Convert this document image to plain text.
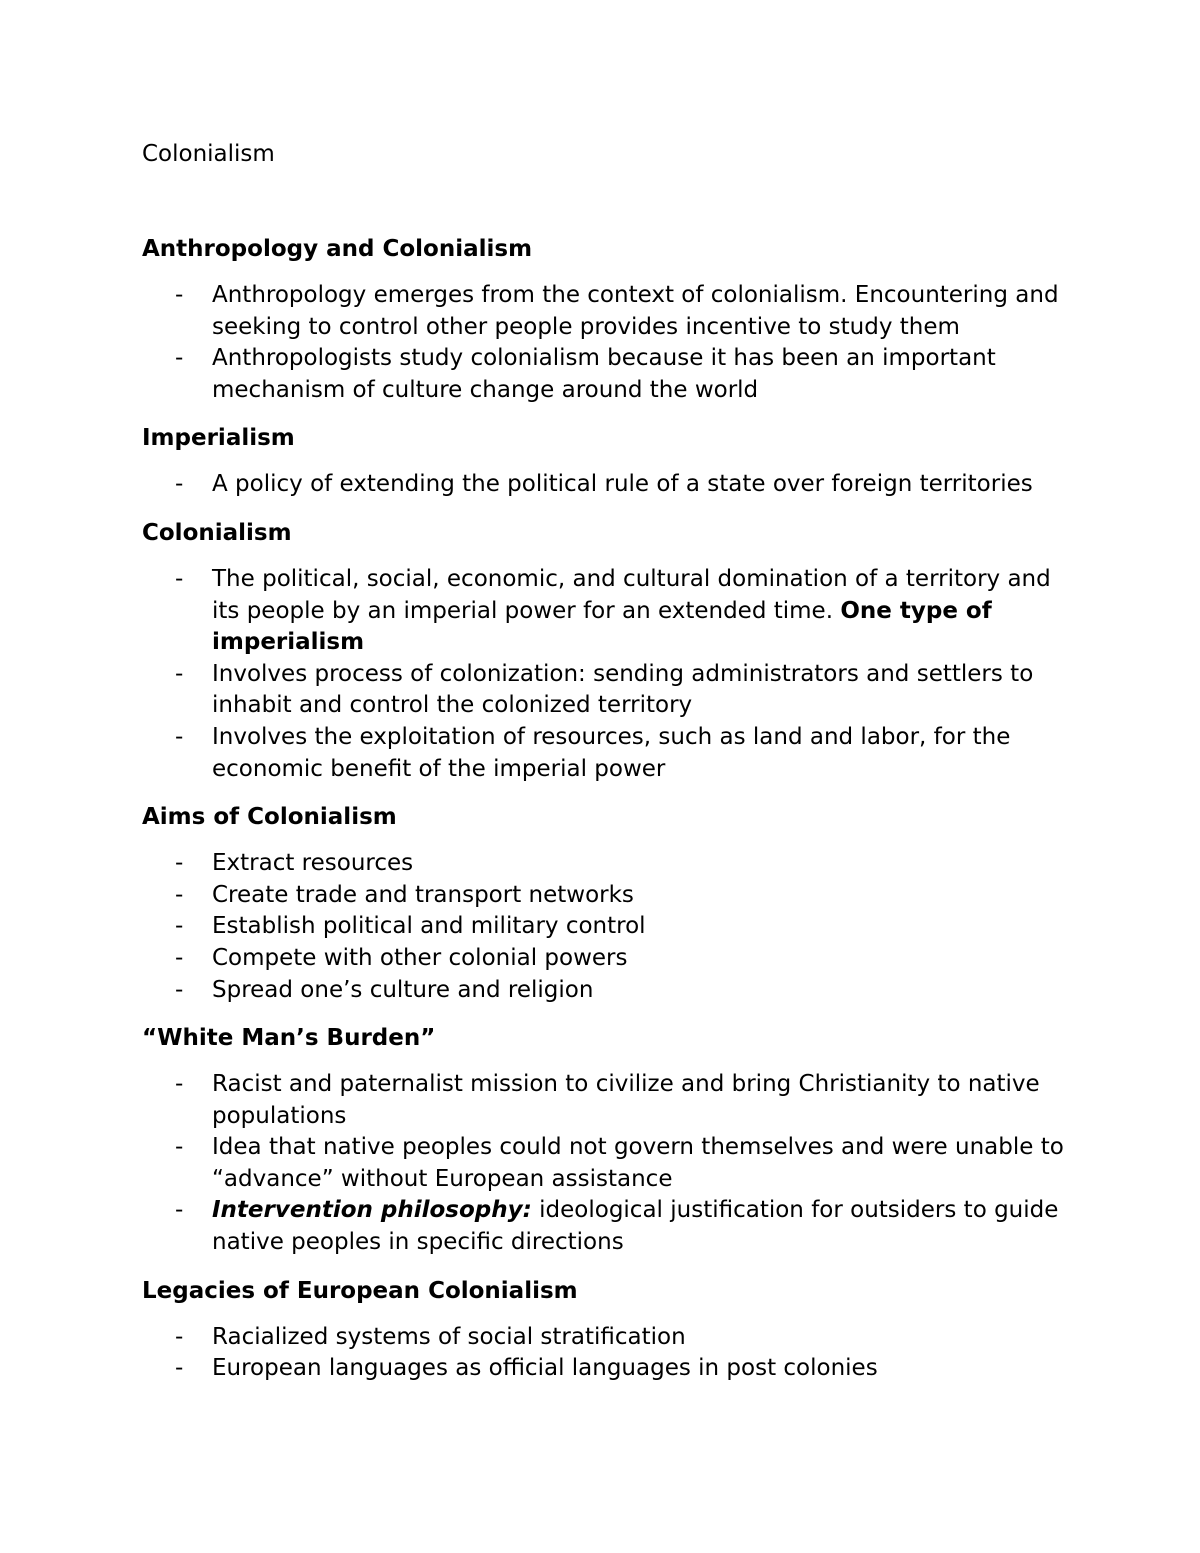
Colonialism

Anthropology and Colonialism

- Anthropology emerges from the context of colonialism. Encountering and seeking to control other people provides incentive to study them
- Anthropologists study colonialism because it has been an important mechanism of culture change around the world

Imperialism

- A policy of extending the political rule of a state over foreign territories

Colonialism

- The political, social, economic, and cultural domination of a territory and its people by an imperial power for an extended time. One type of imperialism
- Involves process of colonization: sending administrators and settlers to inhabit and control the colonized territory
- Involves the exploitation of resources, such as land and labor, for the economic benefit of the imperial power

Aims of Colonialism

- Extract resources
- Create trade and transport networks
- Establish political and military control
- Compete with other colonial powers
- Spread one’s culture and religion

“White Man’s Burden”

- Racist and paternalist mission to civilize and bring Christianity to native populations
- Idea that native peoples could not govern themselves and were unable to “advance” without European assistance
- Intervention philosophy: ideological justification for outsiders to guide native peoples in specific directions

Legacies of European Colonialism

- Racialized systems of social stratification
- European languages as official languages in post colonies
